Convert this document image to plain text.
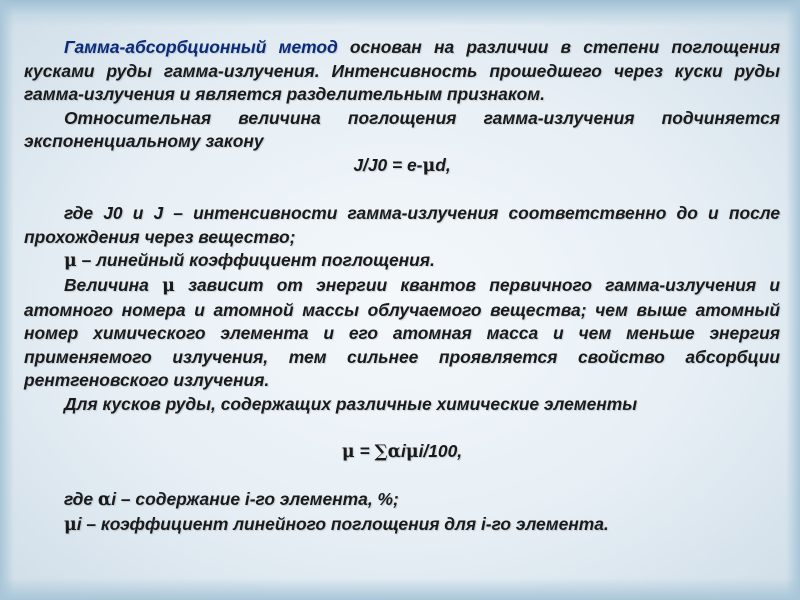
Гамма-абсорбционный метод основан на различии в степени поглощения кусками руды гамма-излучения. Интенсивность прошедшего через куски руды гамма-излучения и является разделительным признаком.

Относительная величина поглощения гамма-излучения подчиняется экспоненциальному закону

J/J0 = e-μd,

где J0 и J – интенсивности гамма-излучения соответственно до и после прохождения через вещество;

μ – линейный коэффициент поглощения.

Величина μ зависит от энергии квантов первичного гамма-излучения и атомного номера и атомной массы облучаемого вещества; чем выше атомный номер химического элемента и его атомная масса и чем меньше энергия применяемого излучения, тем сильнее проявляется свойство абсорбции рентгеновского излучения.

Для кусков руды, содержащих различные химические элементы

μ = ∑αiμi/100,

где αi – содержание i-го элемента, %;

μi – коэффициент линейного поглощения для i-го элемента.
